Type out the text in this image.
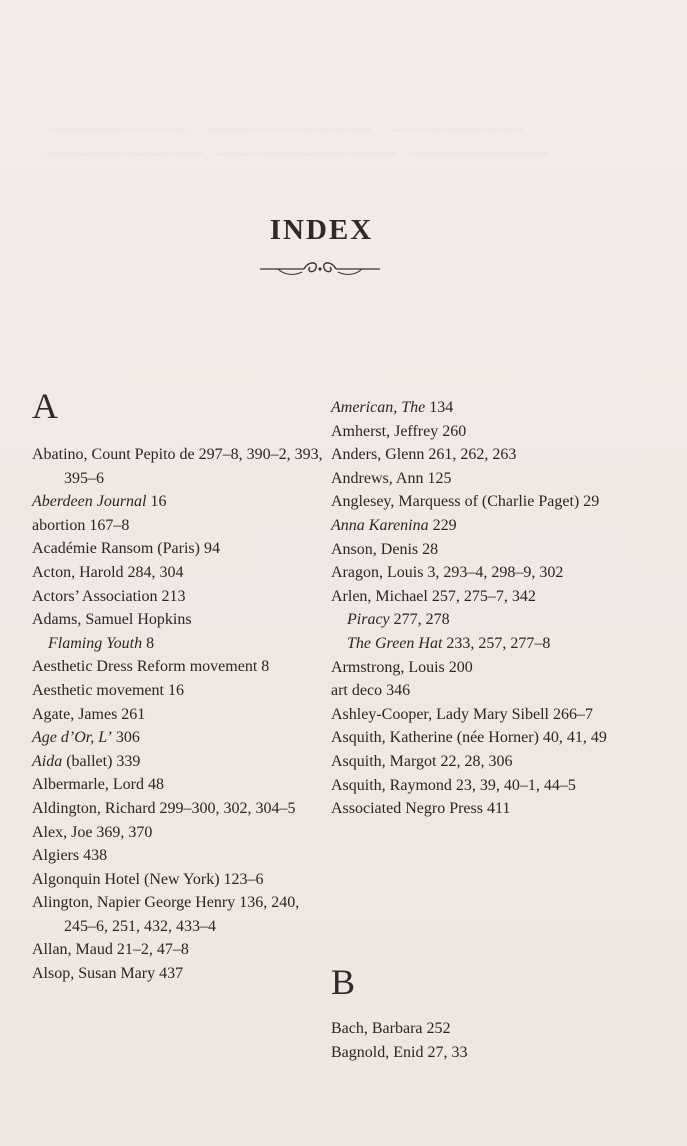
~~~~~~~~~~~~~~~~~      ~~~~~~~~~~~~~~~~~~~~      ~~~~~~~~~~~~~~~~
~~~~~~~~~~~~~~~~~~~    ~~~~~~~~~~~~~~~~~~~~~~    ~~~~~~~~~~~~~~~~~

INDEX
A

Abatino, Count Pepito de 297–8, 390–2, 393, 395–6

Aberdeen Journal 16

abortion 167–8

Académie Ransom (Paris) 94

Acton, Harold 284, 304

Actors’ Association 213

Adams, Samuel Hopkins

Flaming Youth 8

Aesthetic Dress Reform movement 8

Aesthetic movement 16

Agate, James 261

Age d’Or, L’ 306

Aida (ballet) 339

Albermarle, Lord 48

Aldington, Richard 299–300, 302, 304–5

Alex, Joe 369, 370

Algiers 438

Algonquin Hotel (New York) 123–6

Alington, Napier George Henry 136, 240, 245–6, 251, 432, 433–4

Allan, Maud 21–2, 47–8

Alsop, Susan Mary 437

American, The 134

Amherst, Jeffrey 260

Anders, Glenn 261, 262, 263

Andrews, Ann 125

Anglesey, Marquess of (Charlie Paget) 29

Anna Karenina 229

Anson, Denis 28

Aragon, Louis 3, 293–4, 298–9, 302

Arlen, Michael 257, 275–7, 342

Piracy 277, 278

The Green Hat 233, 257, 277–8

Armstrong, Louis 200

art deco 346

Ashley-Cooper, Lady Mary Sibell 266–7

Asquith, Katherine (née Horner) 40, 41, 49

Asquith, Margot 22, 28, 306

Asquith, Raymond 23, 39, 40–1, 44–5

Associated Negro Press 411

B

Bach, Barbara 252

Bagnold, Enid 27, 33
